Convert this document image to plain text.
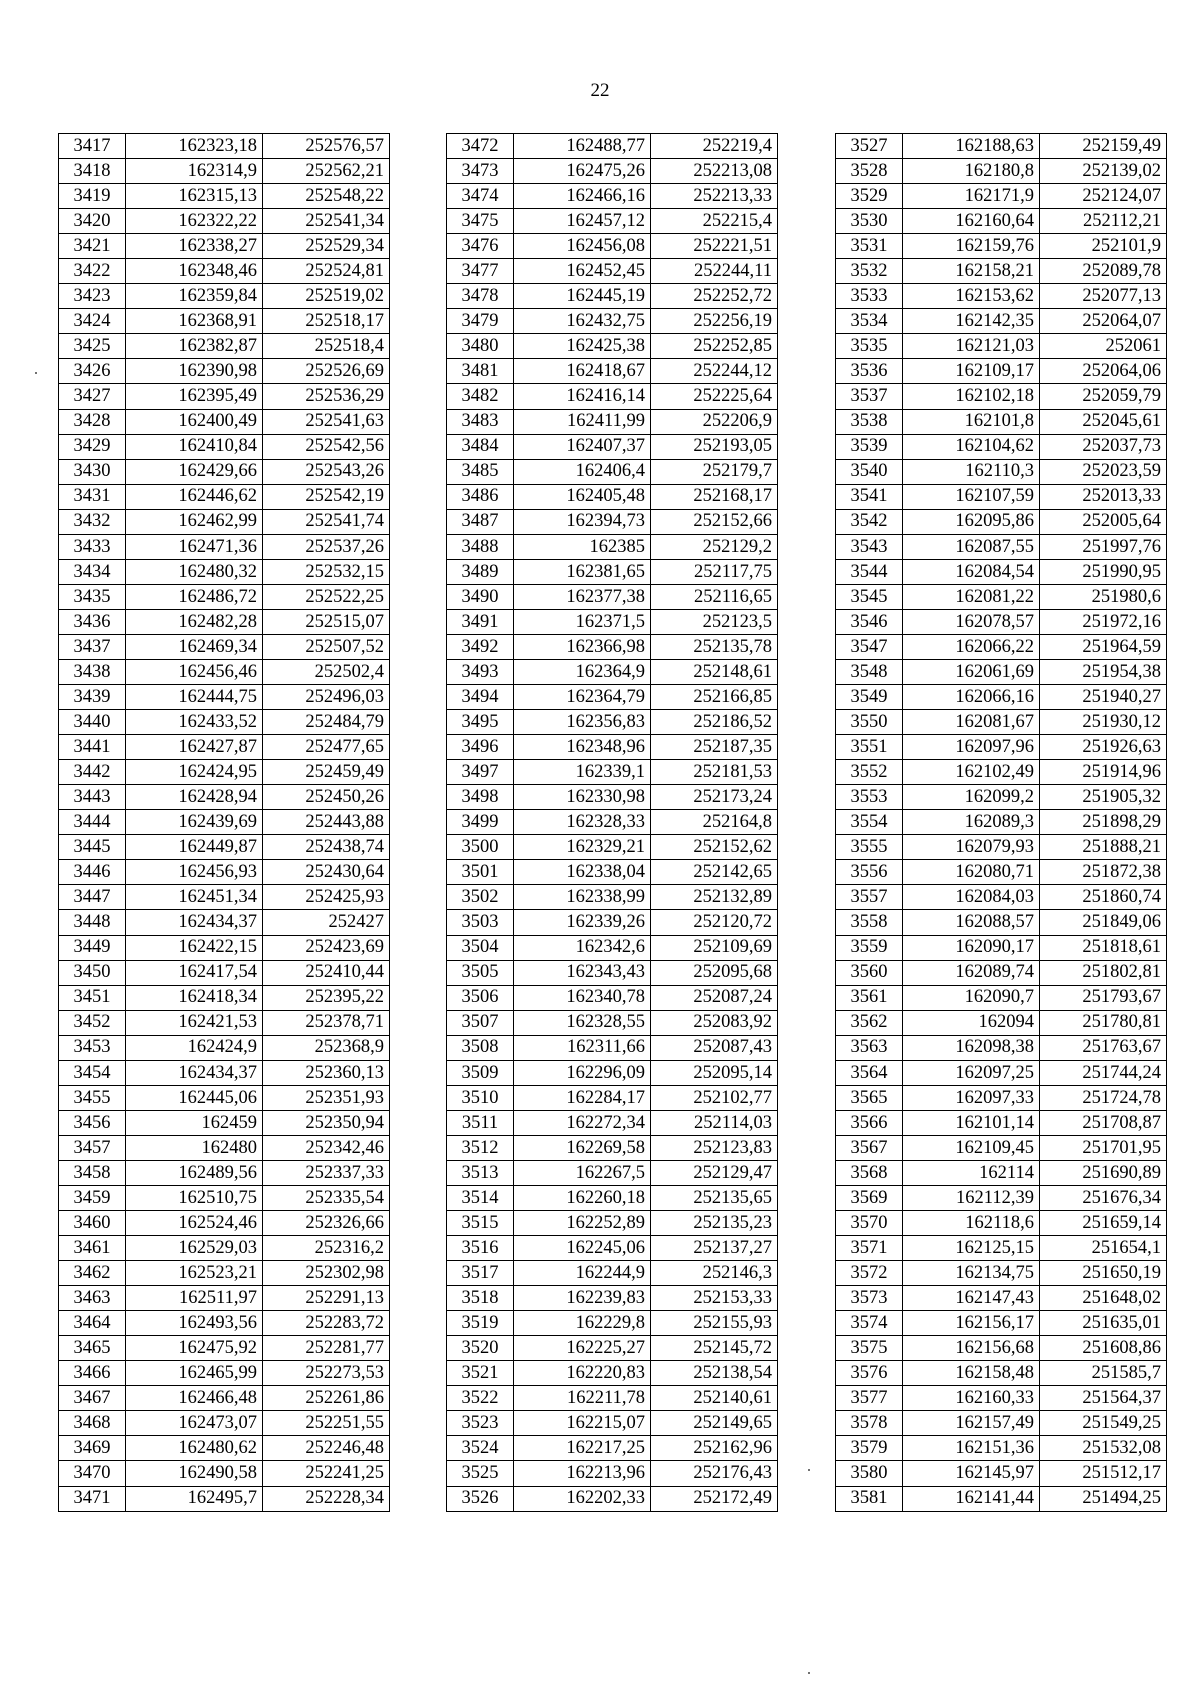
22
3417	162323,18	252576,57
3418	162314,9	252562,21
3419	162315,13	252548,22
3420	162322,22	252541,34
3421	162338,27	252529,34
3422	162348,46	252524,81
3423	162359,84	252519,02
3424	162368,91	252518,17
3425	162382,87	252518,4
3426	162390,98	252526,69
3427	162395,49	252536,29
3428	162400,49	252541,63
3429	162410,84	252542,56
3430	162429,66	252543,26
3431	162446,62	252542,19
3432	162462,99	252541,74
3433	162471,36	252537,26
3434	162480,32	252532,15
3435	162486,72	252522,25
3436	162482,28	252515,07
3437	162469,34	252507,52
3438	162456,46	252502,4
3439	162444,75	252496,03
3440	162433,52	252484,79
3441	162427,87	252477,65
3442	162424,95	252459,49
3443	162428,94	252450,26
3444	162439,69	252443,88
3445	162449,87	252438,74
3446	162456,93	252430,64
3447	162451,34	252425,93
3448	162434,37	252427
3449	162422,15	252423,69
3450	162417,54	252410,44
3451	162418,34	252395,22
3452	162421,53	252378,71
3453	162424,9	252368,9
3454	162434,37	252360,13
3455	162445,06	252351,93
3456	162459	252350,94
3457	162480	252342,46
3458	162489,56	252337,33
3459	162510,75	252335,54
3460	162524,46	252326,66
3461	162529,03	252316,2
3462	162523,21	252302,98
3463	162511,97	252291,13
3464	162493,56	252283,72
3465	162475,92	252281,77
3466	162465,99	252273,53
3467	162466,48	252261,86
3468	162473,07	252251,55
3469	162480,62	252246,48
3470	162490,58	252241,25
3471	162495,7	252228,34
3472	162488,77	252219,4
3473	162475,26	252213,08
3474	162466,16	252213,33
3475	162457,12	252215,4
3476	162456,08	252221,51
3477	162452,45	252244,11
3478	162445,19	252252,72
3479	162432,75	252256,19
3480	162425,38	252252,85
3481	162418,67	252244,12
3482	162416,14	252225,64
3483	162411,99	252206,9
3484	162407,37	252193,05
3485	162406,4	252179,7
3486	162405,48	252168,17
3487	162394,73	252152,66
3488	162385	252129,2
3489	162381,65	252117,75
3490	162377,38	252116,65
3491	162371,5	252123,5
3492	162366,98	252135,78
3493	162364,9	252148,61
3494	162364,79	252166,85
3495	162356,83	252186,52
3496	162348,96	252187,35
3497	162339,1	252181,53
3498	162330,98	252173,24
3499	162328,33	252164,8
3500	162329,21	252152,62
3501	162338,04	252142,65
3502	162338,99	252132,89
3503	162339,26	252120,72
3504	162342,6	252109,69
3505	162343,43	252095,68
3506	162340,78	252087,24
3507	162328,55	252083,92
3508	162311,66	252087,43
3509	162296,09	252095,14
3510	162284,17	252102,77
3511	162272,34	252114,03
3512	162269,58	252123,83
3513	162267,5	252129,47
3514	162260,18	252135,65
3515	162252,89	252135,23
3516	162245,06	252137,27
3517	162244,9	252146,3
3518	162239,83	252153,33
3519	162229,8	252155,93
3520	162225,27	252145,72
3521	162220,83	252138,54
3522	162211,78	252140,61
3523	162215,07	252149,65
3524	162217,25	252162,96
3525	162213,96	252176,43
3526	162202,33	252172,49
3527	162188,63	252159,49
3528	162180,8	252139,02
3529	162171,9	252124,07
3530	162160,64	252112,21
3531	162159,76	252101,9
3532	162158,21	252089,78
3533	162153,62	252077,13
3534	162142,35	252064,07
3535	162121,03	252061
3536	162109,17	252064,06
3537	162102,18	252059,79
3538	162101,8	252045,61
3539	162104,62	252037,73
3540	162110,3	252023,59
3541	162107,59	252013,33
3542	162095,86	252005,64
3543	162087,55	251997,76
3544	162084,54	251990,95
3545	162081,22	251980,6
3546	162078,57	251972,16
3547	162066,22	251964,59
3548	162061,69	251954,38
3549	162066,16	251940,27
3550	162081,67	251930,12
3551	162097,96	251926,63
3552	162102,49	251914,96
3553	162099,2	251905,32
3554	162089,3	251898,29
3555	162079,93	251888,21
3556	162080,71	251872,38
3557	162084,03	251860,74
3558	162088,57	251849,06
3559	162090,17	251818,61
3560	162089,74	251802,81
3561	162090,7	251793,67
3562	162094	251780,81
3563	162098,38	251763,67
3564	162097,25	251744,24
3565	162097,33	251724,78
3566	162101,14	251708,87
3567	162109,45	251701,95
3568	162114	251690,89
3569	162112,39	251676,34
3570	162118,6	251659,14
3571	162125,15	251654,1
3572	162134,75	251650,19
3573	162147,43	251648,02
3574	162156,17	251635,01
3575	162156,68	251608,86
3576	162158,48	251585,7
3577	162160,33	251564,37
3578	162157,49	251549,25
3579	162151,36	251532,08
3580	162145,97	251512,17
3581	162141,44	251494,25
